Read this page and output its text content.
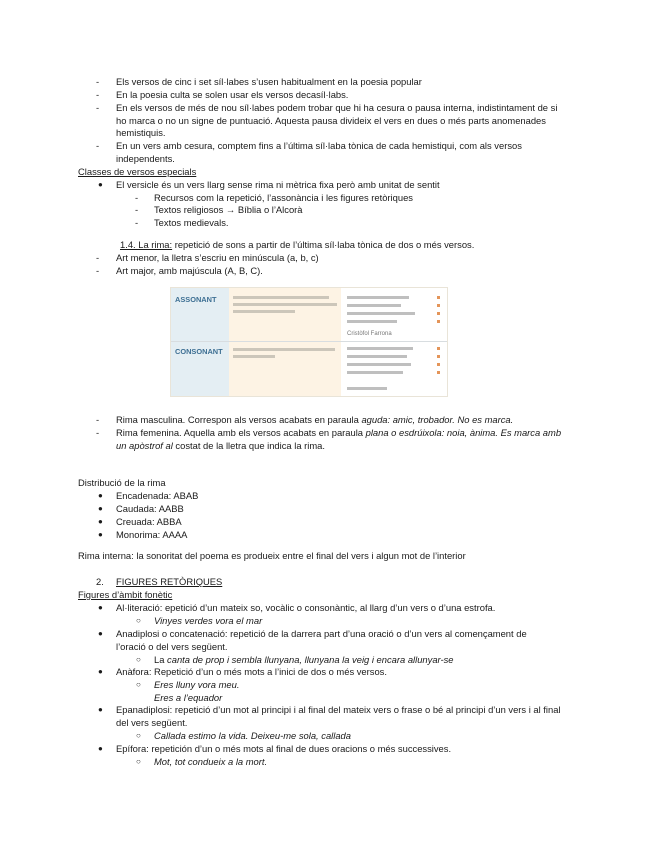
- Els versos de cinc i set síl·labes s’usen habitualment en la poesia popular
- En la poesia culta se solen usar els versos decasíl·labs.
- En els versos de més de nou síl·labes podem trobar que hi ha cesura o pausa interna, indistintament de si
ho marca o no un signe de puntuació. Aquesta pausa divideix el vers en dues o més parts anomenades
hemistiquis.
- En un vers amb cesura, comptem fins a l’última síl·laba tònica de cada hemistiqui, com als versos
independents.
Classes de versos especials
● El versicle és un vers llarg sense rima ni mètrica fixa però amb unitat de sentit
- Recursos com la repetició, l’assonància i les figures retòriques
- Textos religiosos → Bíblia o l’Alcorà
- Textos medievals.
1.4. La rima: repetició de sons a partir de l’última síl·laba tònica de dos o més versos.
- Art menor, la lletra s’escriu en minúscula (a, b, c)
- Art major, amb majúscula (A, B, C).
ASSONANT
CONSONANT
Cristòfol Farrona
- Rima masculina. Correspon als versos acabats en paraula aguda: amic, trobador. No es marca.
- Rima femenina. Aquella amb els versos acabats en paraula plana o esdrúixola: noia, ànima. Es marca amb
un apòstrof al costat de la lletra que indica la rima.
Distribució de la rima
● Encadenada: ABAB
● Caudada: AABB
● Creuada: ABBA
● Monorima: AAAA
Rima interna: la sonoritat del poema es produeix entre el final del vers i algun mot de l’interior
2. FIGURES RETÒRIQUES
Figures d’àmbit fonètic
● Al·literació: epetició d’un mateix so, vocàlic o consonàntic, al llarg d’un vers o d’una estrofa.
○ Vinyes verdes vora el mar
● Anadiplosi o concatenació: repetició de la darrera part d’una oració o d’un vers al començament de
l’oració o del vers següent.
○ La canta de prop i sembla llunyana, llunyana la veig i encara allunyar-se
● Anàfora: Repetició d’un o més mots a l’inici de dos o més versos.
○ Eres lluny vora meu.
Eres a l’equador
● Epanadiplosi: repetició d’un mot al principi i al final del mateix vers o frase o bé al principi d’un vers i al final
del vers següent.
○ Callada estimo la vida. Deixeu-me sola, callada
● Epífora: repetición d’un o més mots al final de dues oracions o més successives.
○ Mot, tot condueix a la mort.
